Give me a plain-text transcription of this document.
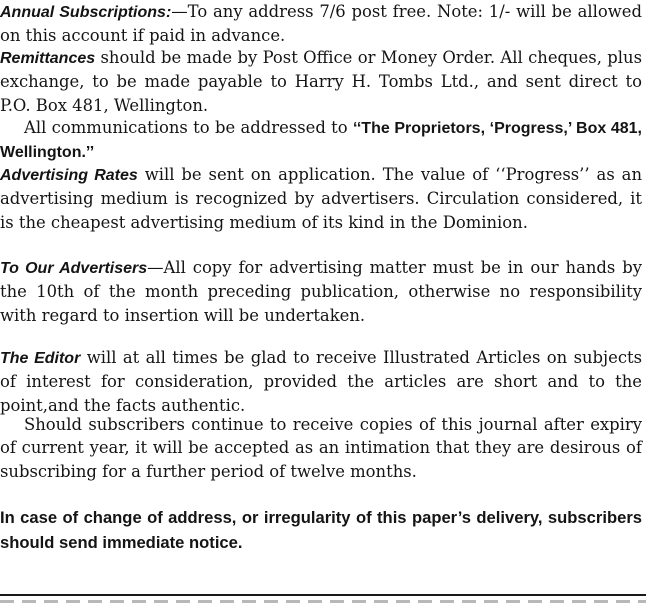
Annual Subscriptions:—To any address 7/6 post free. Note: 1/- will be allowed on this account if paid in advance.

Remittances should be made by Post Office or Money Order. All cheques, plus exchange, to be made payable to Harry H. Tombs Ltd., and sent direct to P.O. Box 481, Wellington.

All communications to be addressed to ‘‘The Proprietors, ‘Progress,’ Box 481, Wellington.’’

Advertising Rates will be sent on application. The value of ‘‘Progress’’ as an advertising medium is recognized by advertisers. Circulation considered, it is the cheapest advertising medium of its kind in the Dominion.

To Our Advertisers—All copy for advertising matter must be in our hands by the 10th of the month preceding publication, otherwise no responsibility with regard to insertion will be undertaken.

The Editor will at all times be glad to receive Illustrated Articles on subjects of interest for consideration, provided the articles are short and to the point,and the facts authentic.

Should subscribers continue to receive copies of this journal after expiry of current year, it will be accepted as an intimation that they are desirous of subscribing for a further period of twelve months.

In case of change of address, or irregularity of this paper’s delivery, subscribers should send immediate notice.
